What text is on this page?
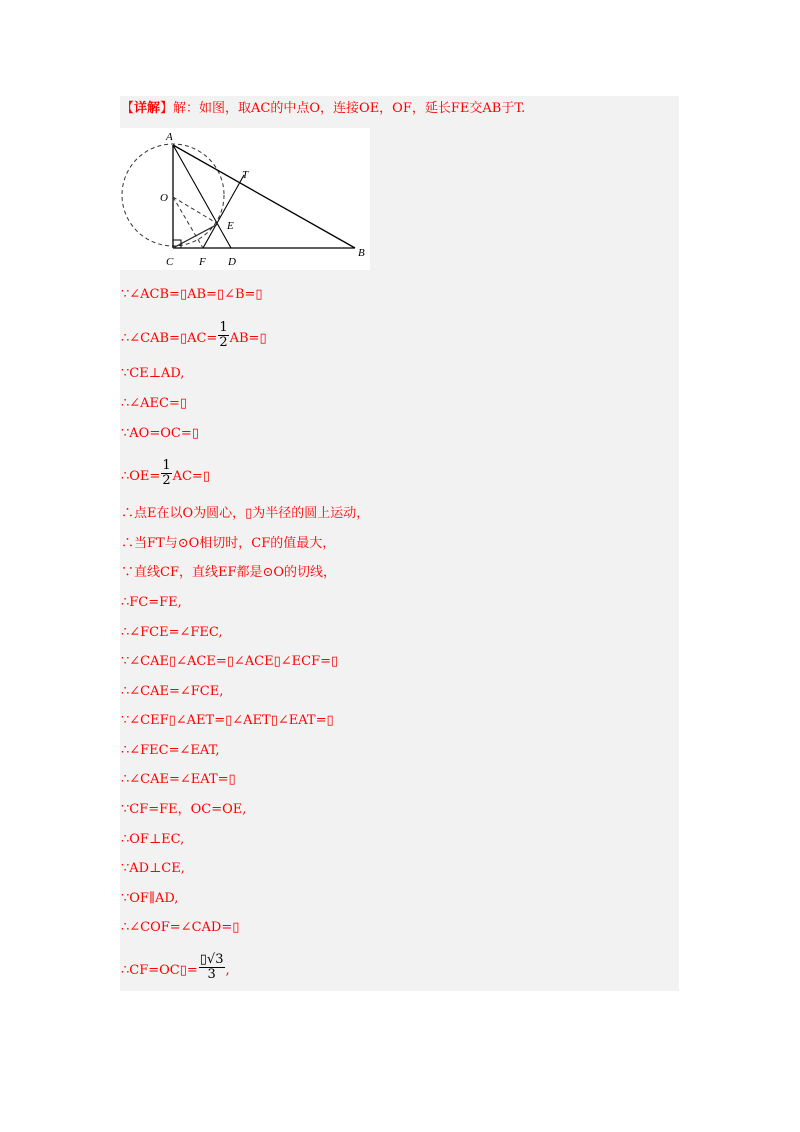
【详解】解：如图，取AC的中点O，连接OE，OF，延长FE交AB于T.
A
B
C	D
E
F
O
T
∵∠ACB=▯AB=▯∠B=▯
∴∠CAB=▯AC= $\frac{1}{2}$ AB=▯
∵CE⊥AD,
∴∠AEC=▯
∵AO=OC=▯
∴OE= $\frac{1}{2}$ AC=▯
∴点E在以O为圆心，▯为半径的圆上运动，
∴当FT与⊙O相切时，CF的值最大，
∵直线CF，直线EF都是⊙O的切线，
∴FC=FE,
∴∠FCE=∠FEC,
∵∠CAE▯∠ACE=▯∠ACE▯∠ECF=▯
∴∠CAE=∠FCE,
∵∠CEF▯∠AET=▯∠AET▯∠EAT=▯
∴∠FEC=∠EAT,
∴∠CAE=∠EAT=▯
∵CF=FE，OC=OE,
∴OF⊥EC,
∵AD⊥CE,
∵OF∥AD,
∴∠COF=∠CAD=▯
∴CF=OC▯= $\frac{▯√3}{3}$ ,
